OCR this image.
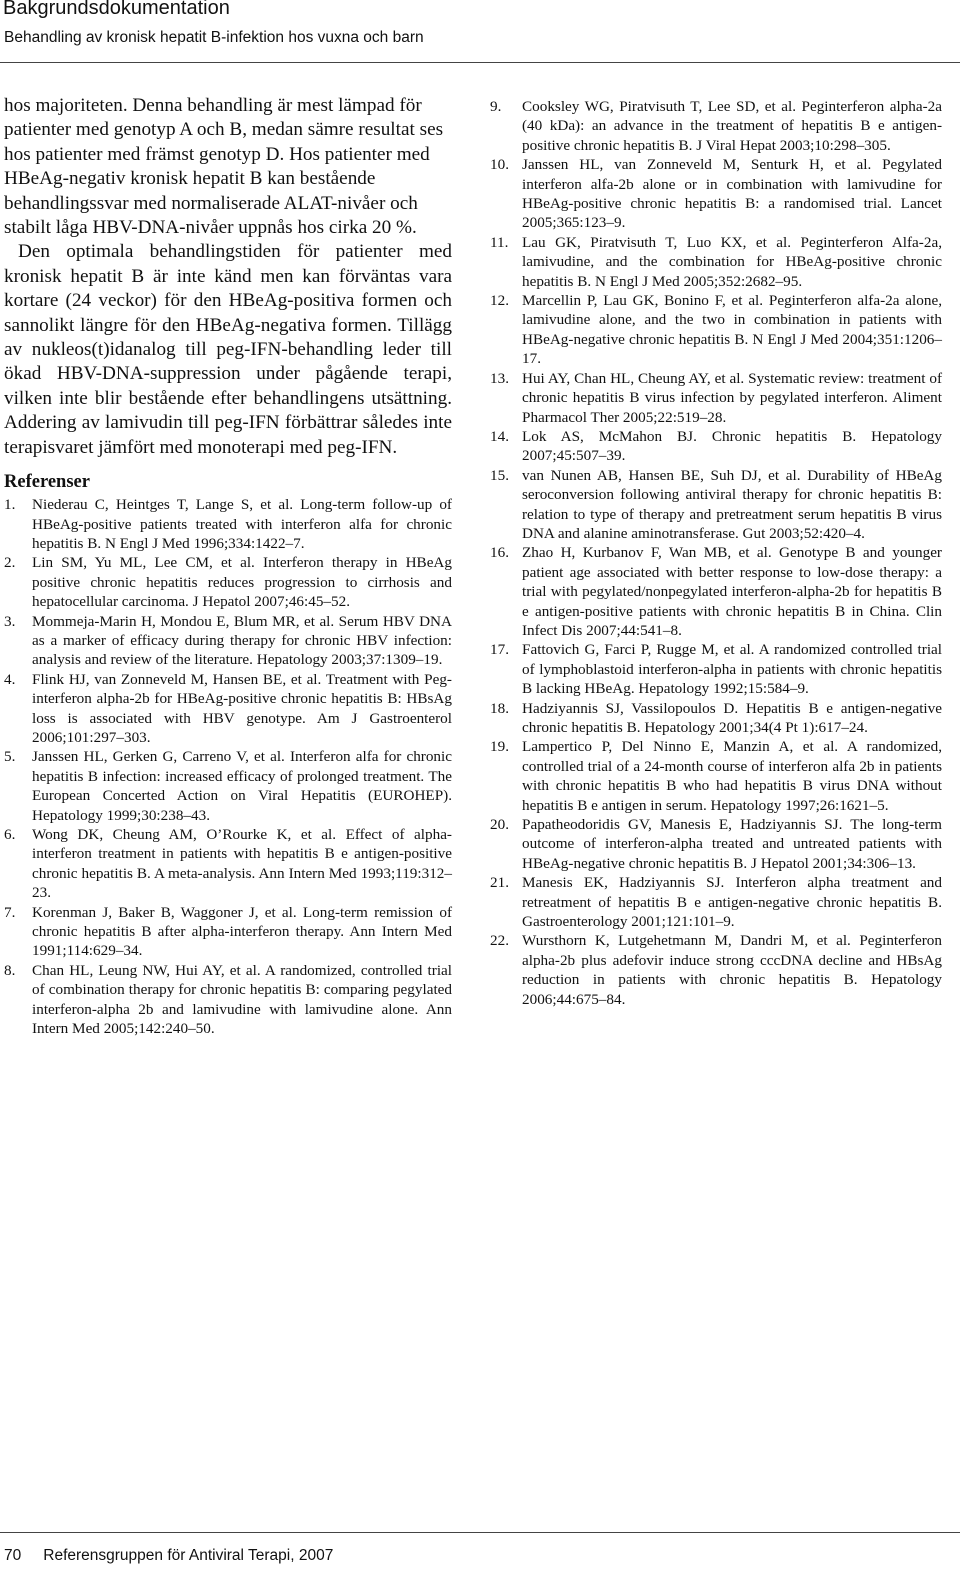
Bakgrundsdokumentation
Behandling av kronisk hepatit B-infektion hos vuxna och barn

hos majoriteten. Denna behandling är mest lämpad för patienter med genotyp A och B, medan sämre resultat ses hos patienter med främst genotyp D. Hos patienter med HBeAg-negativ kronisk hepatit B kan bestående behandlingssvar med normaliserade ALAT-nivåer och stabilt låga HBV-DNA-nivåer uppnås hos cirka 20 %.

Den optimala behandlingstiden för patienter med kronisk hepatit B är inte känd men kan förväntas vara kortare (24 veckor) för den HBeAg-positiva formen och sannolikt längre för den HBeAg-negativa formen. Tillägg av nukleos(t)idanalog till peg-IFN-behandling leder till ökad HBV-DNA-suppression under pågående terapi, vilken inte blir bestående efter behandlingens utsättning. Addering av lamivudin till peg-IFN förbättrar således inte terapisvaret jämfört med monoterapi med peg-IFN.

Referenser
1.	Niederau C, Heintges T, Lange S, et al. Long-term follow-up of HBeAg-positive patients treated with interferon alfa for chronic hepatitis B. N Engl J Med 1996;334:1422–7.
2.	Lin SM, Yu ML, Lee CM, et al. Interferon therapy in HBeAg positive chronic hepatitis reduces progression to cirrhosis and hepatocellular carcinoma. J Hepatol 2007;46:45–52.
3.	Mommeja-Marin H, Mondou E, Blum MR, et al. Serum HBV DNA as a marker of efficacy during therapy for chronic HBV infection: analysis and review of the literature. Hepatology 2003;37:1309–19.
4.	Flink HJ, van Zonneveld M, Hansen BE, et al. Treatment with Peg-interferon alpha-2b for HBeAg-positive chronic hepatitis B: HBsAg loss is associated with HBV genotype. Am J Gastroenterol 2006;101:297–303.
5.	Janssen HL, Gerken G, Carreno V, et al. Interferon alfa for chronic hepatitis B infection: increased efficacy of prolonged treatment. The European Concerted Action on Viral Hepatitis (EUROHEP). Hepatology 1999;30:238–43.
6.	Wong DK, Cheung AM, O’Rourke K, et al. Effect of alpha-interferon treatment in patients with hepatitis B e antigen-positive chronic hepatitis B. A meta-analysis. Ann Intern Med 1993;119:312–23.
7.	Korenman J, Baker B, Waggoner J, et al. Long-term remission of chronic hepatitis B after alpha-interferon therapy. Ann Intern Med 1991;114:629–34.
8.	Chan HL, Leung NW, Hui AY, et al. A randomized, controlled trial of combination therapy for chronic hepatitis B: comparing pegylated interferon-alpha 2b and lamivudine with lamivudine alone. Ann Intern Med 2005;142:240–50.
9.	Cooksley WG, Piratvisuth T, Lee SD, et al. Peginterferon alpha-2a (40 kDa): an advance in the treatment of hepatitis B e antigen-positive chronic hepatitis B. J Viral Hepat 2003;10:298–305.
10. Janssen HL, van Zonneveld M, Senturk H, et al. Pegylated interferon alfa-2b alone or in combination with lamivudine for HBeAg-positive chronic hepatitis B: a randomised trial. Lancet 2005;365:123–9.
11. Lau GK, Piratvisuth T, Luo KX, et al. Peginterferon Alfa-2a, lamivudine, and the combination for HBeAg-positive chronic hepatitis B. N Engl J Med 2005;352:2682–95.
12. Marcellin P, Lau GK, Bonino F, et al. Peginterferon alfa-2a alone, lamivudine alone, and the two in combination in patients with HBeAg-negative chronic hepatitis B. N Engl J Med 2004;351:1206–17.
13. Hui AY, Chan HL, Cheung AY, et al. Systematic review: treatment of chronic hepatitis B virus infection by pegylated interferon. Aliment Pharmacol Ther 2005;22:519–28.
14. Lok AS, McMahon BJ. Chronic hepatitis B. Hepatology 2007;45:507–39.
15. van Nunen AB, Hansen BE, Suh DJ, et al. Durability of HBeAg seroconversion following antiviral therapy for chronic hepatitis B: relation to type of therapy and pretreatment serum hepatitis B virus DNA and alanine aminotransferase. Gut 2003;52:420–4.
16. Zhao H, Kurbanov F, Wan MB, et al. Genotype B and younger patient age associated with better response to low-dose therapy: a trial with pegylated/nonpegylated interferon-alpha-2b for hepatitis B e antigen-positive patients with chronic hepatitis B in China. Clin Infect Dis 2007;44:541–8.
17. Fattovich G, Farci P, Rugge M, et al. A randomized controlled trial of lymphoblastoid interferon-alpha in patients with chronic hepatitis B lacking HBeAg. Hepatology 1992;15:584–9.
18. Hadziyannis SJ, Vassilopoulos D. Hepatitis B e antigen-negative chronic hepatitis B. Hepatology 2001;34(4 Pt 1):617–24.
19. Lampertico P, Del Ninno E, Manzin A, et al. A randomized, controlled trial of a 24-month course of interferon alfa 2b in patients with chronic hepatitis B who had hepatitis B virus DNA without hepatitis B e antigen in serum. Hepatology 1997;26:1621–5.
20. Papatheodoridis GV, Manesis E, Hadziyannis SJ. The long-term outcome of interferon-alpha treated and untreated patients with HBeAg-negative chronic hepatitis B. J Hepatol 2001;34:306–13.
21. Manesis EK, Hadziyannis SJ. Interferon alpha treatment and retreatment of hepatitis B e antigen-negative chronic hepatitis B. Gastroenterology 2001;121:101–9.
22. Wursthorn K, Lutgehetmann M, Dandri M, et al. Peginterferon alpha-2b plus adefovir induce strong cccDNA decline and HBsAg reduction in patients with chronic hepatitis B. Hepatology 2006;44:675–84.
70 Referensgruppen för Antiviral Terapi, 2007
